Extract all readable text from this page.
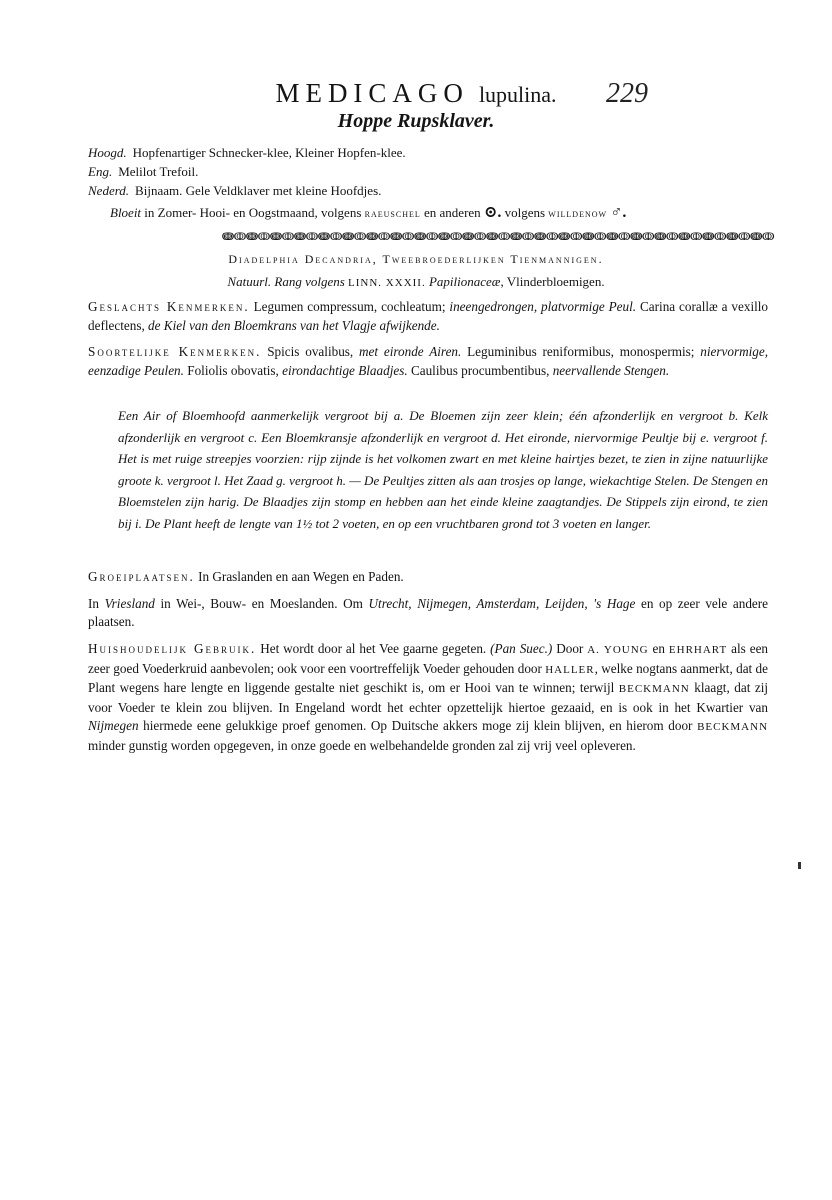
MEDICAGO lupulina.	229
Hoppe Rupsklaver.
Hoogd. Hopfenartiger Schnecker-klee, Kleiner Hopfen-klee.
Eng. Melilot Trefoil.
Nederd. Bijnaam. Gele Veldklaver met kleine Hoofdjes.
Bloeit in Zomer- Hooi- en Oogstmaand, volgens raeuschel en anderen ⊙. volgens willdenow ♂.
ↈↂↈↂↈↂↈↂↈↂↈↂↈↂↈↂↈↂↈↂↈↂↈↂↈↂↈↂↈↂↈↂↈↂↈↂↈↂↈↂↈↂↈↂↈↂ
Diadelphia Decandria, Tweebroederlijken Tienmannigen.
Natuurl. Rang volgens LINN. XXXII. Papilionaceæ, Vlinderbloemigen.
Geslachts Kenmerken. Legumen compressum, cochleatum; ineengedrongen, platvormige Peul. Carina corallæ a vexillo deflectens, de Kiel van den Bloemkrans van het Vlagje afwijkende.
Soortelijke Kenmerken. Spicis ovalibus, met eironde Airen. Leguminibus reniformibus, monospermis; niervormige, eenzadige Peulen. Foliolis obovatis, eirondachtige Blaadjes. Caulibus procumbentibus, neervallende Stengen.
Een Air of Bloemhoofd aanmerkelijk vergroot bij a. De Bloemen zijn zeer klein; één afzonderlijk en vergroot b. Kelk afzonderlijk en vergroot c. Een Bloemkransje afzonderlijk en vergroot d. Het eironde, niervormige Peultje bij e. vergroot f. Het is met ruige streepjes voorzien: rijp zijnde is het volkomen zwart en met kleine hairtjes bezet, te zien in zijne natuurlijke groote k. vergroot l. Het Zaad g. vergroot h. — De Peultjes zitten als aan trosjes op lange, wiekachtige Stelen. De Stengen en Bloemstelen zijn harig. De Blaadjes zijn stomp en hebben aan het einde kleine zaagtandjes. De Stippels zijn eirond, te zien bij i. De Plant heeft de lengte van 1½ tot 2 voeten, en op een vruchtbaren grond tot 3 voeten en langer.
Groeiplaatsen. In Graslanden en aan Wegen en Paden.
In Vriesland in Wei-, Bouw- en Moeslanden. Om Utrecht, Nijmegen, Amsterdam, Leijden, 's Hage en op zeer vele andere plaatsen.
Huishoudelijk Gebruik. Het wordt door al het Vee gaarne gegeten. (Pan Suec.) Door A. YOUNG en EHRHART als een zeer goed Voederkruid aanbevolen; ook voor een voortreffelijk Voeder gehouden door HALLER, welke nogtans aanmerkt, dat de Plant wegens hare lengte en liggende gestalte niet geschikt is, om er Hooi van te winnen; terwijl BECKMANN klaagt, dat zij voor Voeder te klein zou blijven. In Engeland wordt het echter opzettelijk hiertoe gezaaid, en is ook in het Kwartier van Nijmegen hiermede eene gelukkige proef genomen. Op Duitsche akkers moge zij klein blijven, en hierom door BECKMANN minder gunstig worden opgegeven, in onze goede en welbehandelde gronden zal zij vrij veel opleveren.
